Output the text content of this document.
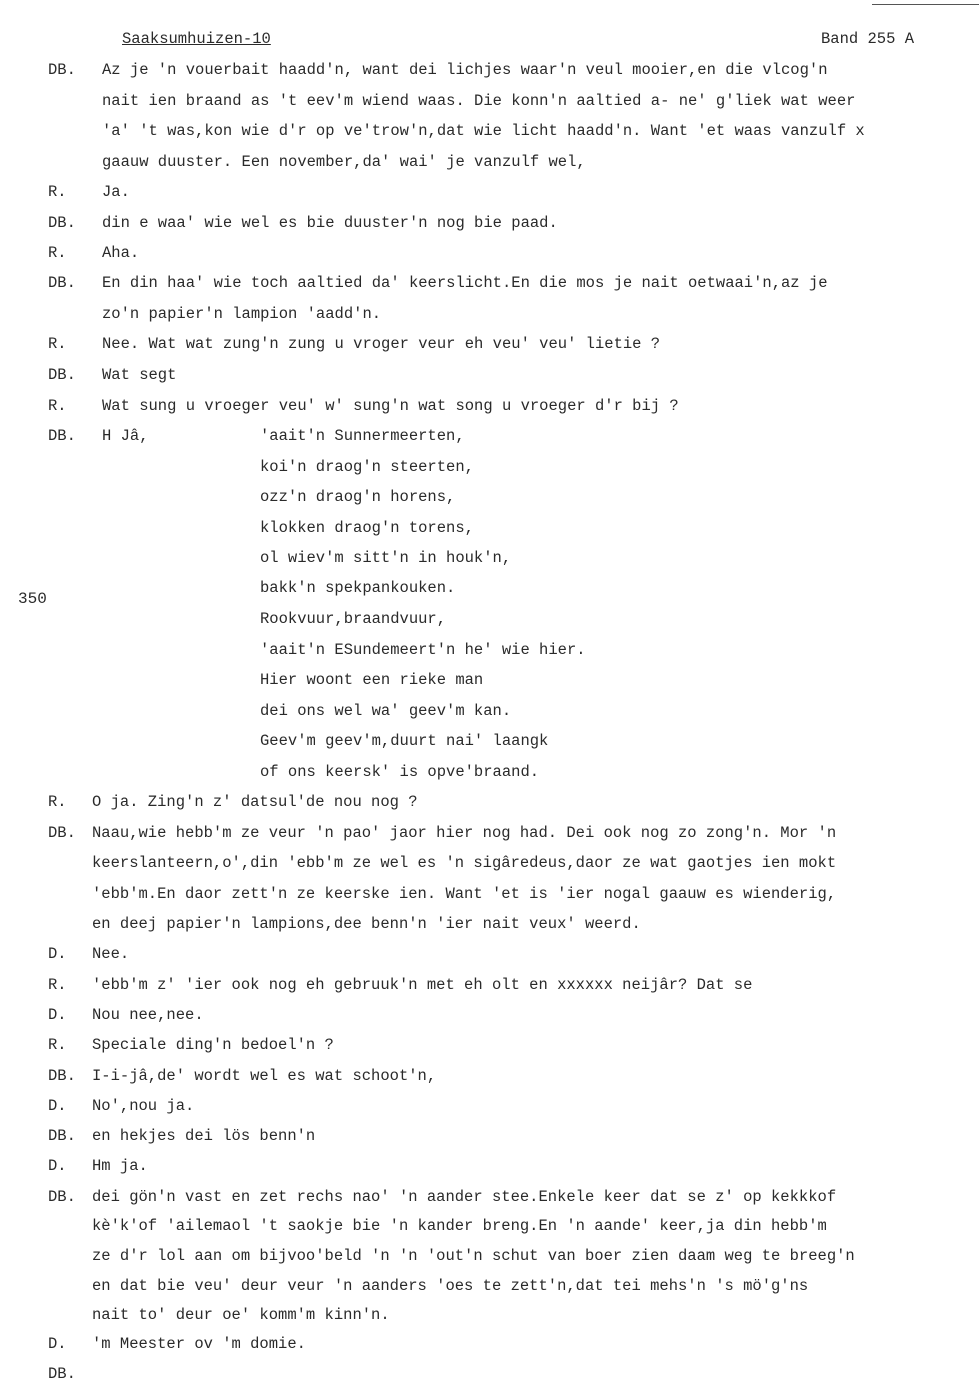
Saaksumhuizen-10	Band 255 A
350
DB. Az je 'n vouerbait haadd'n, want dei lichjes waar'n veul mooier,en die vlcog'n
nait ien braand as 't eev'm wiend waas. Die konn'n aaltied a- ne' g'liek wat weer
'a' 't was,kon wie d'r op ve'trow'n,dat wie licht haadd'n. Want 'et waas vanzulf x
gaauw duuster. Een november,da' wai' je vanzulf wel,
R. Ja.
DB. din e waa' wie wel es bie duuster'n nog bie paad.
R. Aha.
DB. En din haa' wie toch aaltied da' keerslicht.En die mos je nait oetwaai'n,az je
zo'n papier'n lampion 'aadd'n.
R. Nee. Wat wat zung'n zung u vroger veur eh veu' veu' lietie ?
DB. Wat segt
R. Wat sung u vroeger veu' w' sung'n wat song u vroeger d'r bij ?
DB. H Jâ,	'aait'n Sunnermeerten,
koi'n draog'n steerten,
ozz'n draog'n horens,
klokken draog'n torens,
ol wiev'm sitt'n in houk'n,
bakk'n spekpankouken.
Rookvuur,braandvuur,
'aait'n ESundemeert'n he' wie hier.
Hier woont een rieke man
dei ons wel wa' geev'm kan.
Geev'm geev'm,duurt nai' laangk
of ons keersk' is opve'braand.
R. O ja. Zing'n z' datsul'de nou nog ?
DB. Naau,wie hebb'm ze veur 'n pao' jaor hier nog had. Dei ook nog zo zong'n. Mor 'n
keerslanteern,o',din 'ebb'm ze wel es 'n sigâredeus,daor ze wat gaotjes ien mokt
'ebb'm.En daor zett'n ze keerske ien. Want 'et is 'ier nogal gaauw es wienderig,
en deej papier'n lampions,dee benn'n 'ier nait veux' weerd.
D. Nee.
R. 'ebb'm z' 'ier ook nog eh gebruuk'n met eh olt en xxxxxx neijâr? Dat se
D. Nou nee,nee.
R. Speciale ding'n bedoel'n ?
DB. I-i-jâ,de' wordt wel es wat schoot'n,
D. No',nou ja.
DB. en hekjes dei lös benn'n
D. Hm ja.
DB. dei gön'n vast en zet rechs nao' 'n aander stee.Enkele keer dat se z' op kekkkof
kè'k'of 'ailemaol 't saokje bie 'n kander breng.En 'n aande' keer,ja din hebb'm
ze d'r lol aan om bijvoo'beld 'n 'n 'out'n schut van boer zien daam weg te breeg'n
en dat bie veu' deur veur 'n aanders 'oes te zett'n,dat tei mehs'n 's mö'g'ns
nait to' deur oe' komm'm kinn'n.
D. 'm Meester ov 'm domie.
DB.
